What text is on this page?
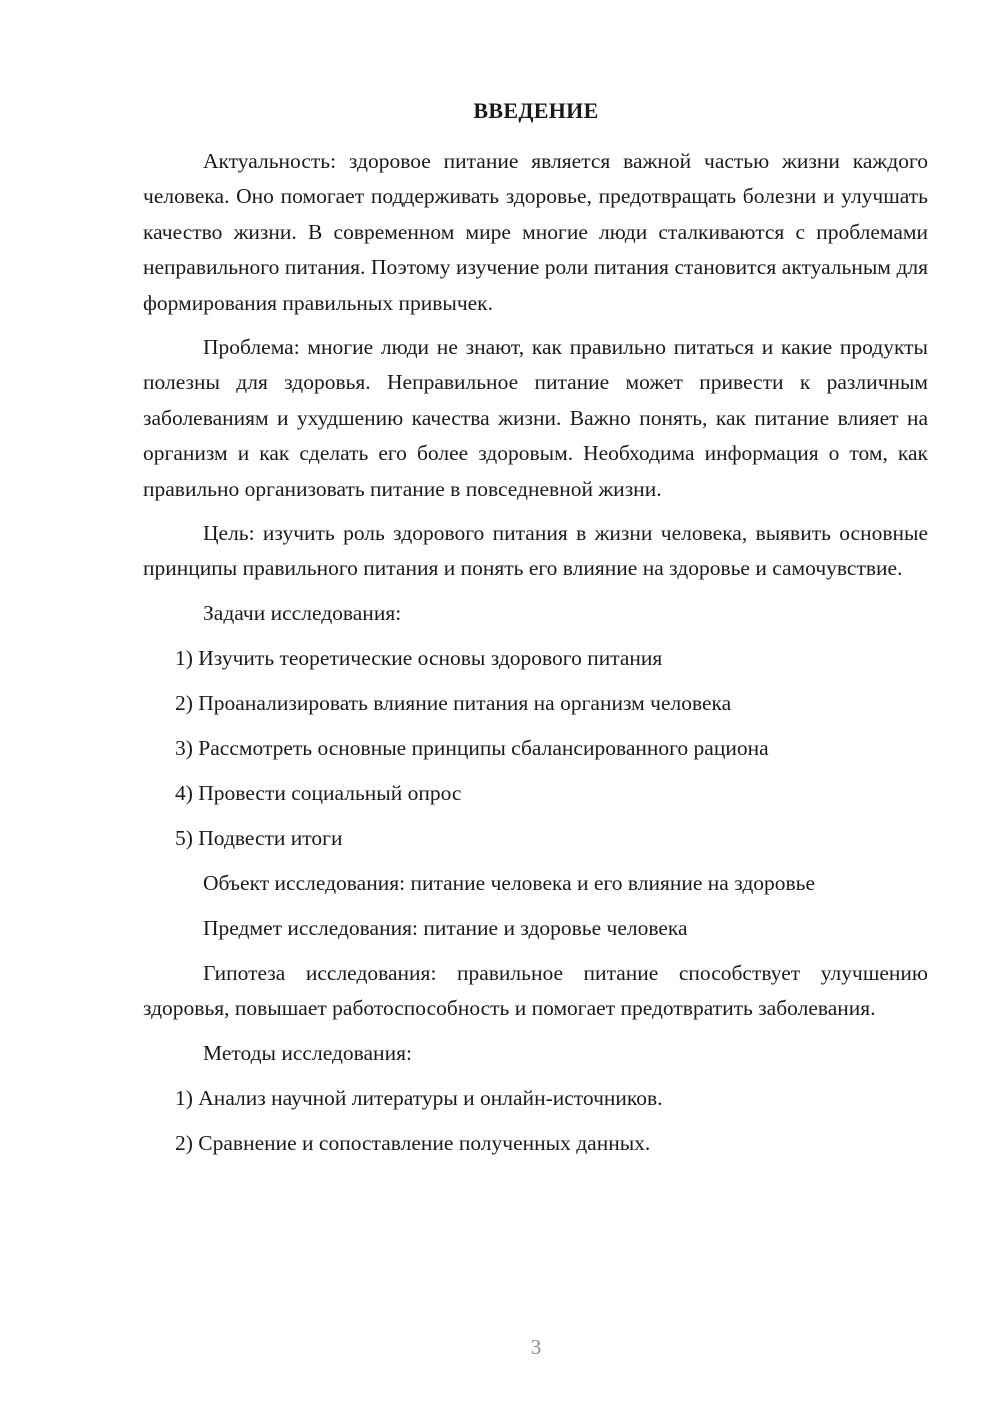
ВВЕДЕНИЕ

Актуальность: здоровое питание является важной частью жизни каждого человека. Оно помогает поддерживать здоровье, предотвращать болезни и улучшать качество жизни. В современном мире многие люди сталкиваются с проблемами неправильного питания. Поэтому изучение роли питания становится актуальным для формирования правильных привычек.

Проблема: многие люди не знают, как правильно питаться и какие продукты полезны для здоровья. Неправильное питание может привести к различным заболеваниям и ухудшению качества жизни. Важно понять, как питание влияет на организм и как сделать его более здоровым. Необходима информация о том, как правильно организовать питание в повседневной жизни.

Цель: изучить роль здорового питания в жизни человека, выявить основные принципы правильного питания и понять его влияние на здоровье и самочувствие.

Задачи исследования:

1) Изучить теоретические основы здорового питания

2) Проанализировать влияние питания на организм человека

3) Рассмотреть основные принципы сбалансированного рациона

4) Провести социальный опрос

5) Подвести итоги

Объект исследования: питание человека и его влияние на здоровье

Предмет исследования: питание и здоровье человека

Гипотеза исследования: правильное питание способствует улучшению здоровья, повышает работоспособность и помогает предотвратить заболевания.

Методы исследования:

1) Анализ научной литературы и онлайн-источников.

2) Сравнение и сопоставление полученных данных.

3
